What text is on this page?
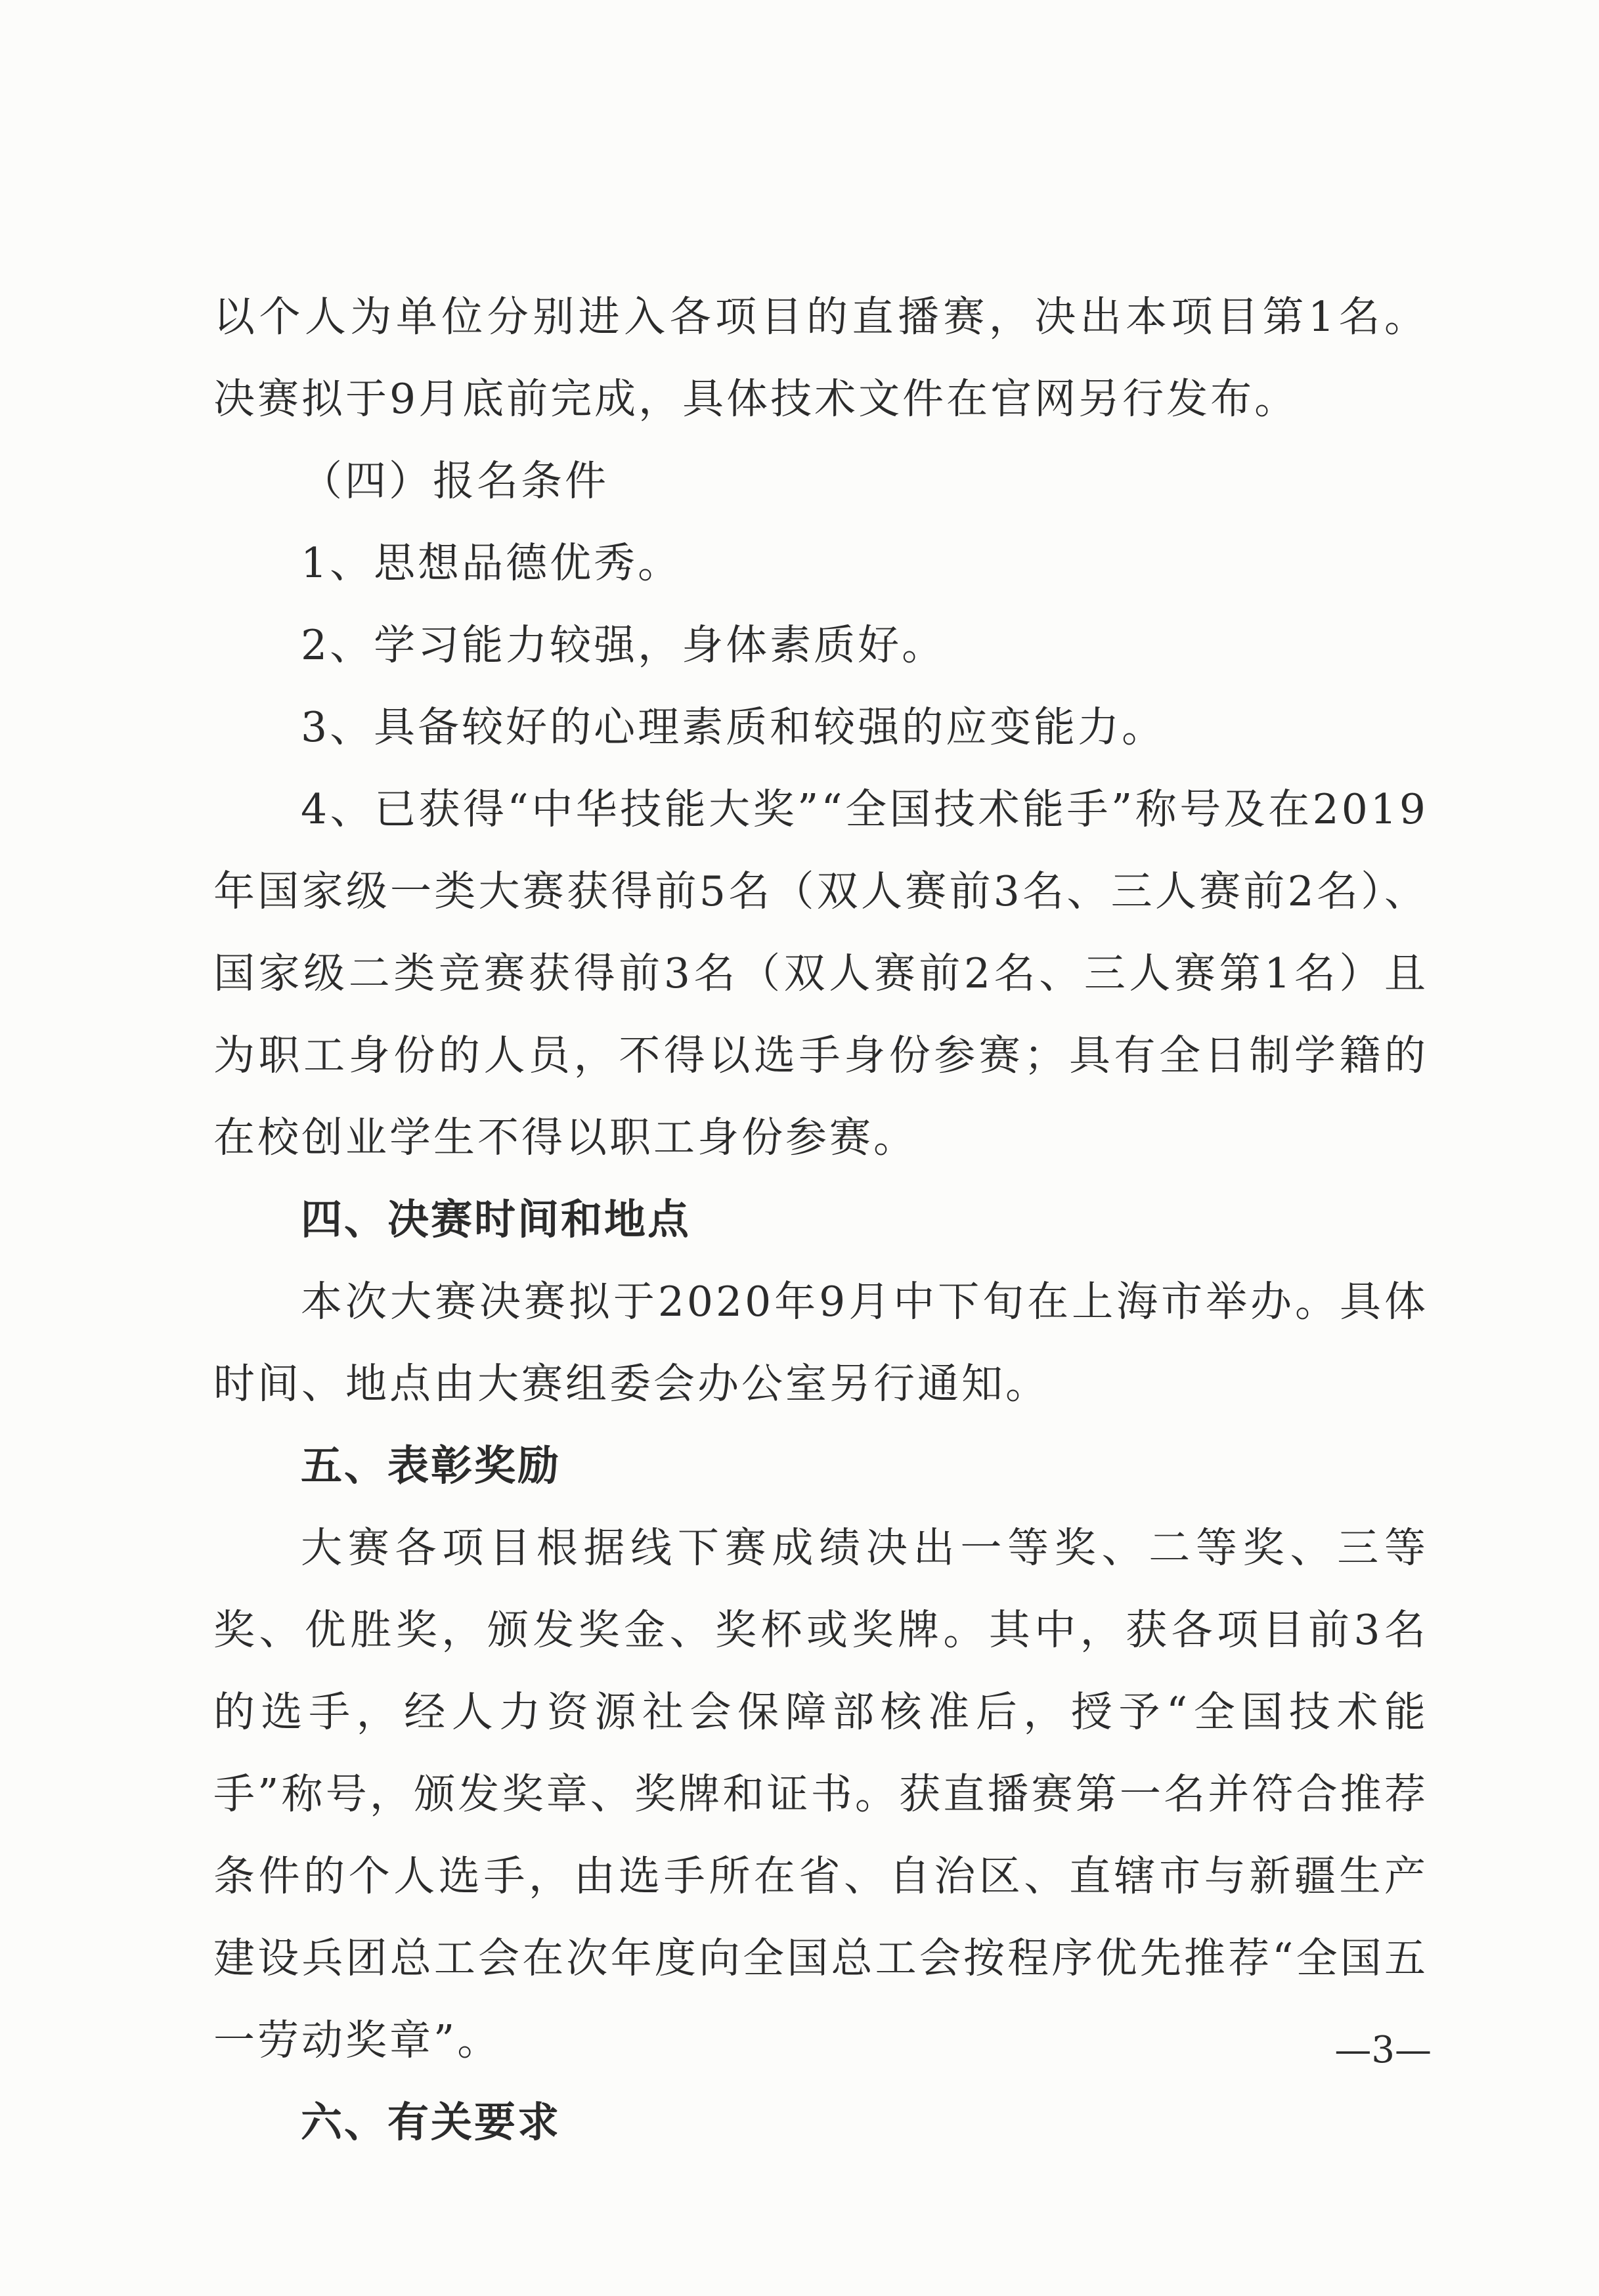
以个人为单位分别进入各项目的直播赛，决出本项目第1名。决赛拟于9月底前完成，具体技术文件在官网另行发布。

（四）报名条件

1、思想品德优秀。

2、学习能力较强，身体素质好。

3、具备较好的心理素质和较强的应变能力。

4、已获得“中华技能大奖”“全国技术能手”称号及在2019年国家级一类大赛获得前5名（双人赛前3名、三人赛前2名）、国家级二类竞赛获得前3名（双人赛前2名、三人赛第1名）且为职工身份的人员，不得以选手身份参赛；具有全日制学籍的在校创业学生不得以职工身份参赛。

四、决赛时间和地点

本次大赛决赛拟于2020年9月中下旬在上海市举办。具体时间、地点由大赛组委会办公室另行通知。

五、表彰奖励

大赛各项目根据线下赛成绩决出一等奖、二等奖、三等奖、优胜奖，颁发奖金、奖杯或奖牌。其中，获各项目前3名的选手，经人力资源社会保障部核准后，授予“全国技术能手”称号，颁发奖章、奖牌和证书。获直播赛第一名并符合推荐条件的个人选手，由选手所在省、自治区、直辖市与新疆生产建设兵团总工会在次年度向全国总工会按程序优先推荐“全国五一劳动奖章”。

六、有关要求

—3—
